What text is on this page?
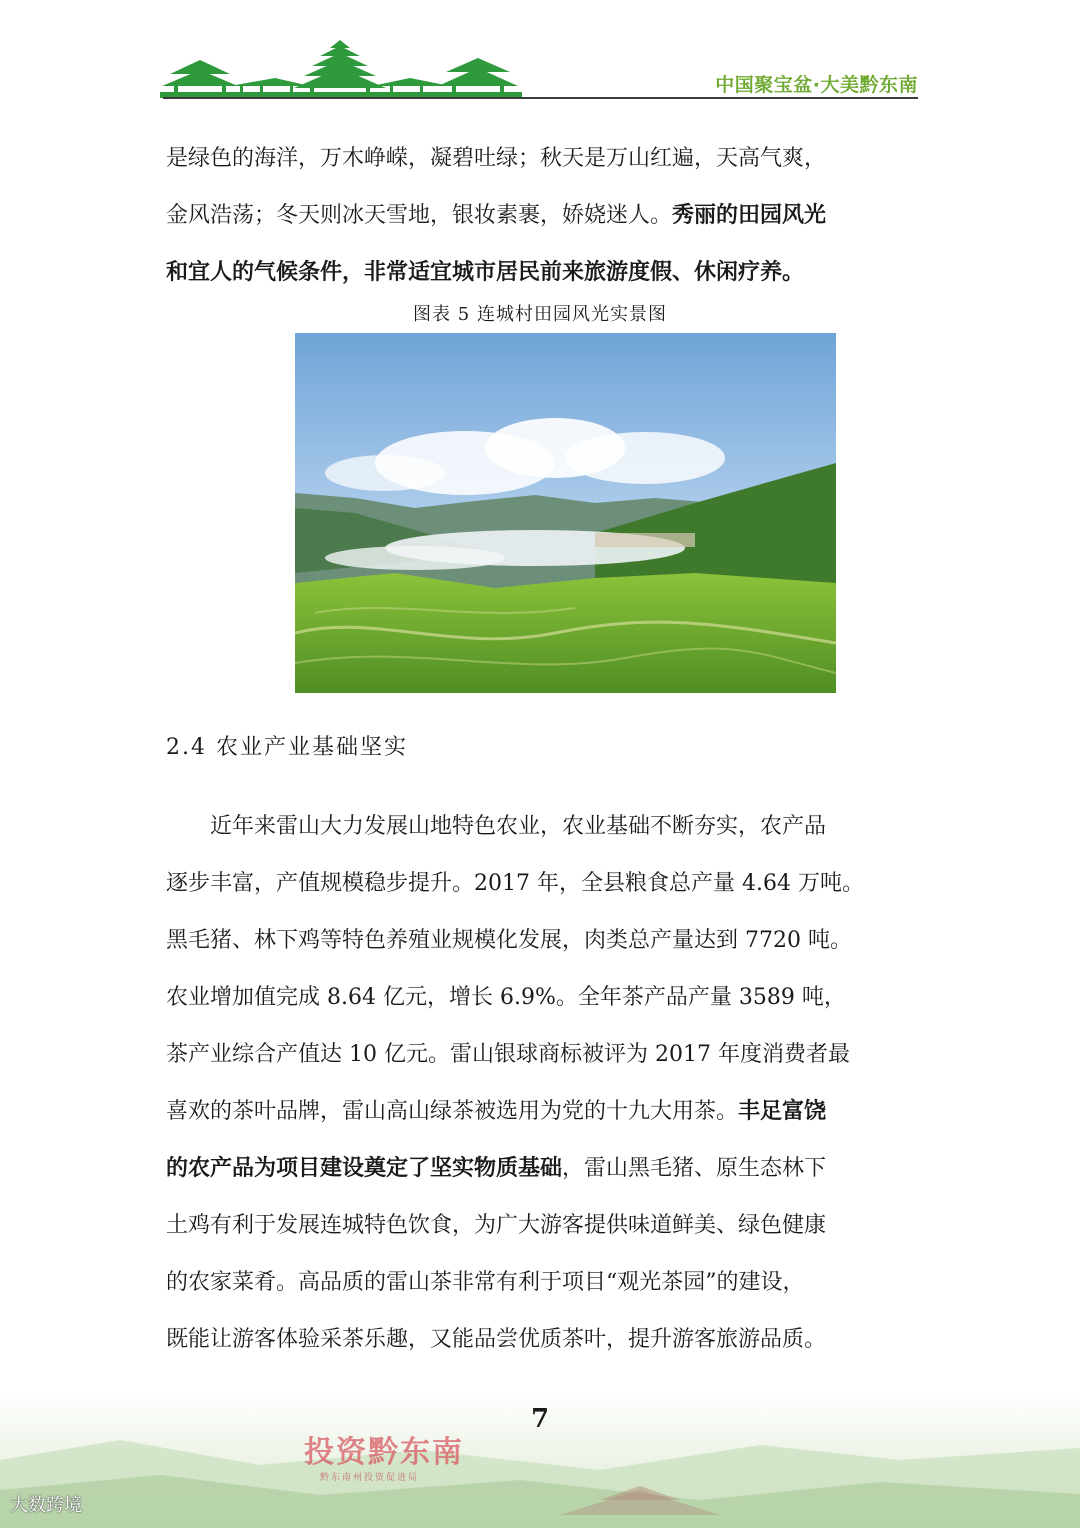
中国聚宝盆·大美黔东南
是绿色的海洋，万木峥嵘，凝碧吐绿；秋天是万山红遍，天高气爽，
金风浩荡；冬天则冰天雪地，银妆素裹，娇娆迷人。秀丽的田园风光
和宜人的气候条件，非常适宜城市居民前来旅游度假、休闲疗养。
图表 5 连城村田园风光实景图
2.4 农业产业基础坚实
近年来雷山大力发展山地特色农业，农业基础不断夯实，农产品
逐步丰富，产值规模稳步提升。2017 年，全县粮食总产量 4.64 万吨。
黑毛猪、林下鸡等特色养殖业规模化发展，肉类总产量达到 7720 吨。
农业增加值完成 8.64 亿元，增长 6.9%。全年茶产品产量 3589 吨，
茶产业综合产值达 10 亿元。雷山银球商标被评为 2017 年度消费者最
喜欢的茶叶品牌，雷山高山绿茶被选用为党的十九大用茶。丰足富饶
的农产品为项目建设奠定了坚实物质基础，雷山黑毛猪、原生态林下
土鸡有利于发展连城特色饮食，为广大游客提供味道鲜美、绿色健康
的农家菜肴。高品质的雷山茶非常有利于项目“观光茶园”的建设，
既能让游客体验采茶乐趣，又能品尝优质茶叶，提升游客旅游品质。
7
投资黔东南
黔东南州投资促进局
大数跨境
